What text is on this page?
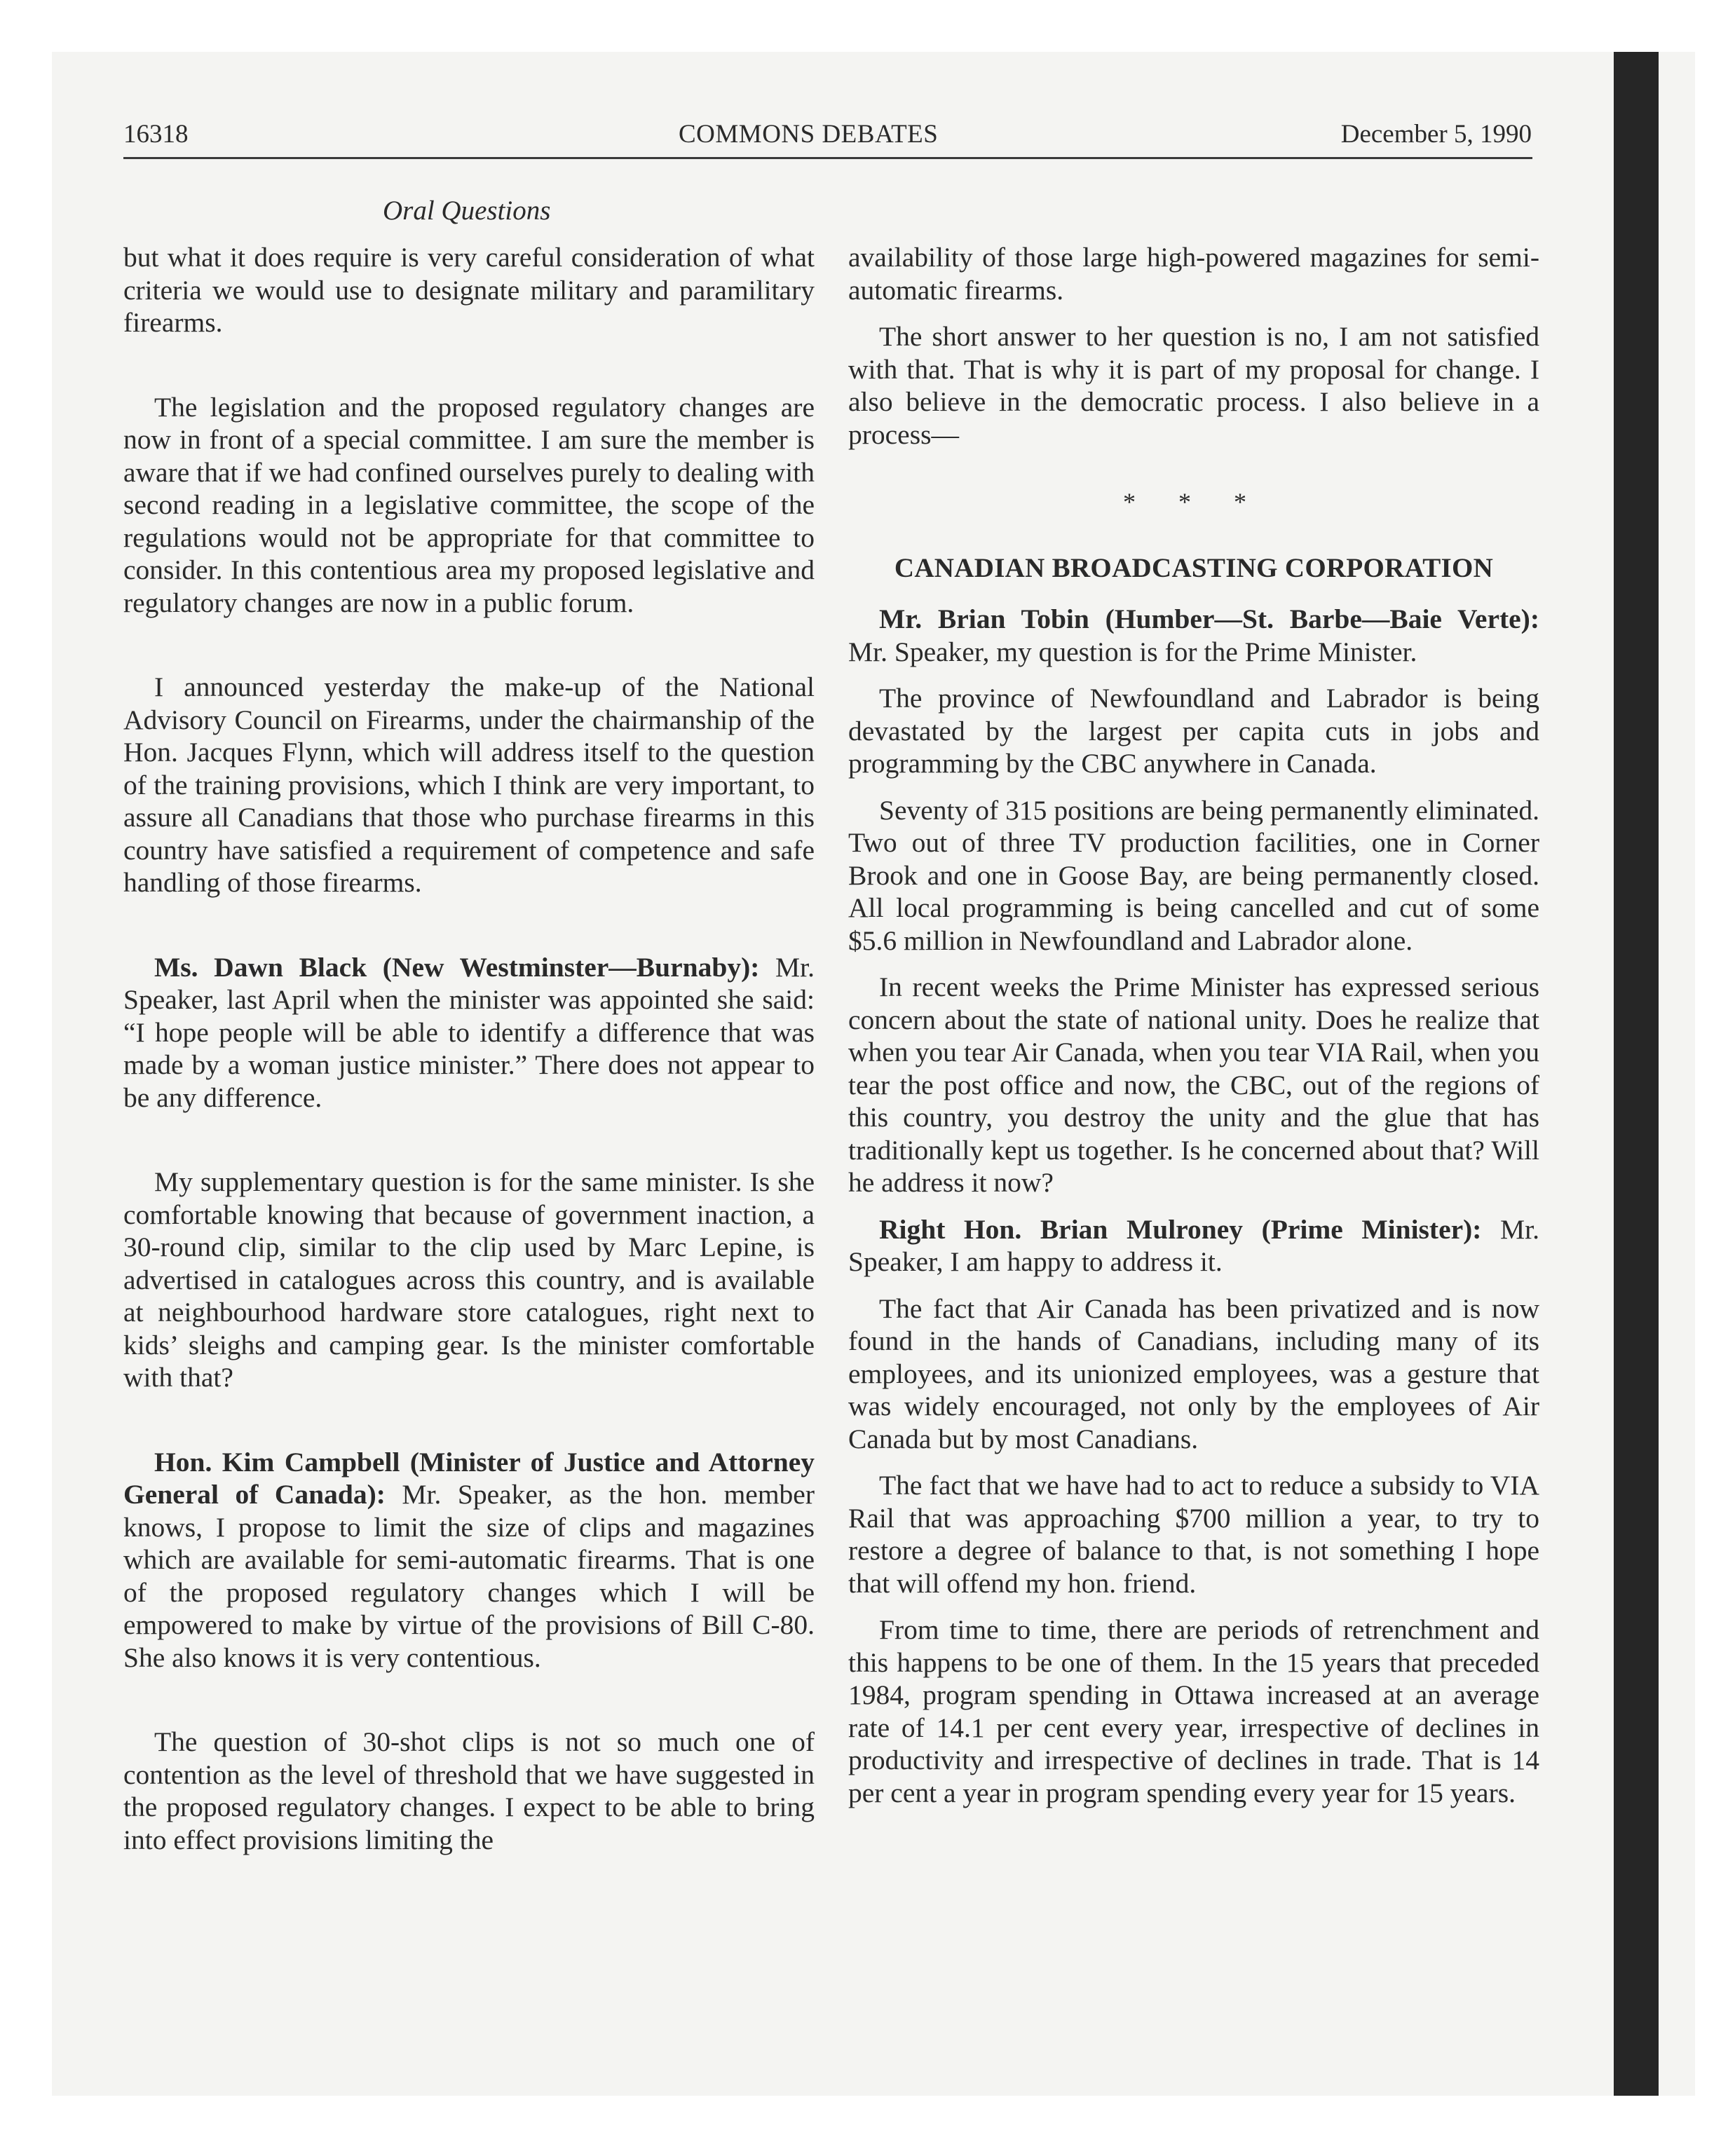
16318	COMMONS DEBATES	December 5, 1990
Oral Questions

but what it does require is very careful consideration of what criteria we would use to designate military and paramilitary firearms.

The legislation and the proposed regulatory changes are now in front of a special committee. I am sure the member is aware that if we had confined ourselves purely to dealing with second reading in a legislative committee, the scope of the regulations would not be appropriate for that committee to consider. In this contentious area my proposed legislative and regulatory changes are now in a public forum.

I announced yesterday the make-up of the National Advisory Council on Firearms, under the chairmanship of the Hon. Jacques Flynn, which will address itself to the question of the training provisions, which I think are very important, to assure all Canadians that those who purchase firearms in this country have satisfied a requirement of competence and safe handling of those firearms.

Ms. Dawn Black (New Westminster—Burnaby): Mr. Speaker, last April when the minister was appointed she said: “I hope people will be able to identify a difference that was made by a woman justice minister.” There does not appear to be any difference.

My supplementary question is for the same minister. Is she comfortable knowing that because of government inaction, a 30-round clip, similar to the clip used by Marc Lepine, is advertised in catalogues across this country, and is available at neighbourhood hardware store catalogues, right next to kids’ sleighs and camping gear. Is the minister comfortable with that?

Hon. Kim Campbell (Minister of Justice and Attorney General of Canada): Mr. Speaker, as the hon. member knows, I propose to limit the size of clips and magazines which are available for semi-automatic firearms. That is one of the proposed regulatory changes which I will be empowered to make by virtue of the provisions of Bill C-80. She also knows it is very contentious.

The question of 30-shot clips is not so much one of contention as the level of threshold that we have suggested in the proposed regulatory changes. I expect to be able to bring into effect provisions limiting the

availability of those large high-powered magazines for semi-automatic firearms.

The short answer to her question is no, I am not satisfied with that. That is why it is part of my proposal for change. I also believe in the democratic process. I also believe in a process—

* * *
CANADIAN BROADCASTING CORPORATION

Mr. Brian Tobin (Humber—St. Barbe—Baie Verte): Mr. Speaker, my question is for the Prime Minister.

The province of Newfoundland and Labrador is being devastated by the largest per capita cuts in jobs and programming by the CBC anywhere in Canada.

Seventy of 315 positions are being permanently eliminated. Two out of three TV production facilities, one in Corner Brook and one in Goose Bay, are being permanently closed. All local programming is being cancelled and cut of some $5.6 million in Newfoundland and Labrador alone.

In recent weeks the Prime Minister has expressed serious concern about the state of national unity. Does he realize that when you tear Air Canada, when you tear VIA Rail, when you tear the post office and now, the CBC, out of the regions of this country, you destroy the unity and the glue that has traditionally kept us together. Is he concerned about that? Will he address it now?

Right Hon. Brian Mulroney (Prime Minister): Mr. Speaker, I am happy to address it.

The fact that Air Canada has been privatized and is now found in the hands of Canadians, including many of its employees, and its unionized employees, was a gesture that was widely encouraged, not only by the employees of Air Canada but by most Canadians.

The fact that we have had to act to reduce a subsidy to VIA Rail that was approaching $700 million a year, to try to restore a degree of balance to that, is not something I hope that will offend my hon. friend.

From time to time, there are periods of retrenchment and this happens to be one of them. In the 15 years that preceded 1984, program spending in Ottawa increased at an average rate of 14.1 per cent every year, irrespective of declines in productivity and irrespective of declines in trade. That is 14 per cent a year in program spending every year for 15 years.
